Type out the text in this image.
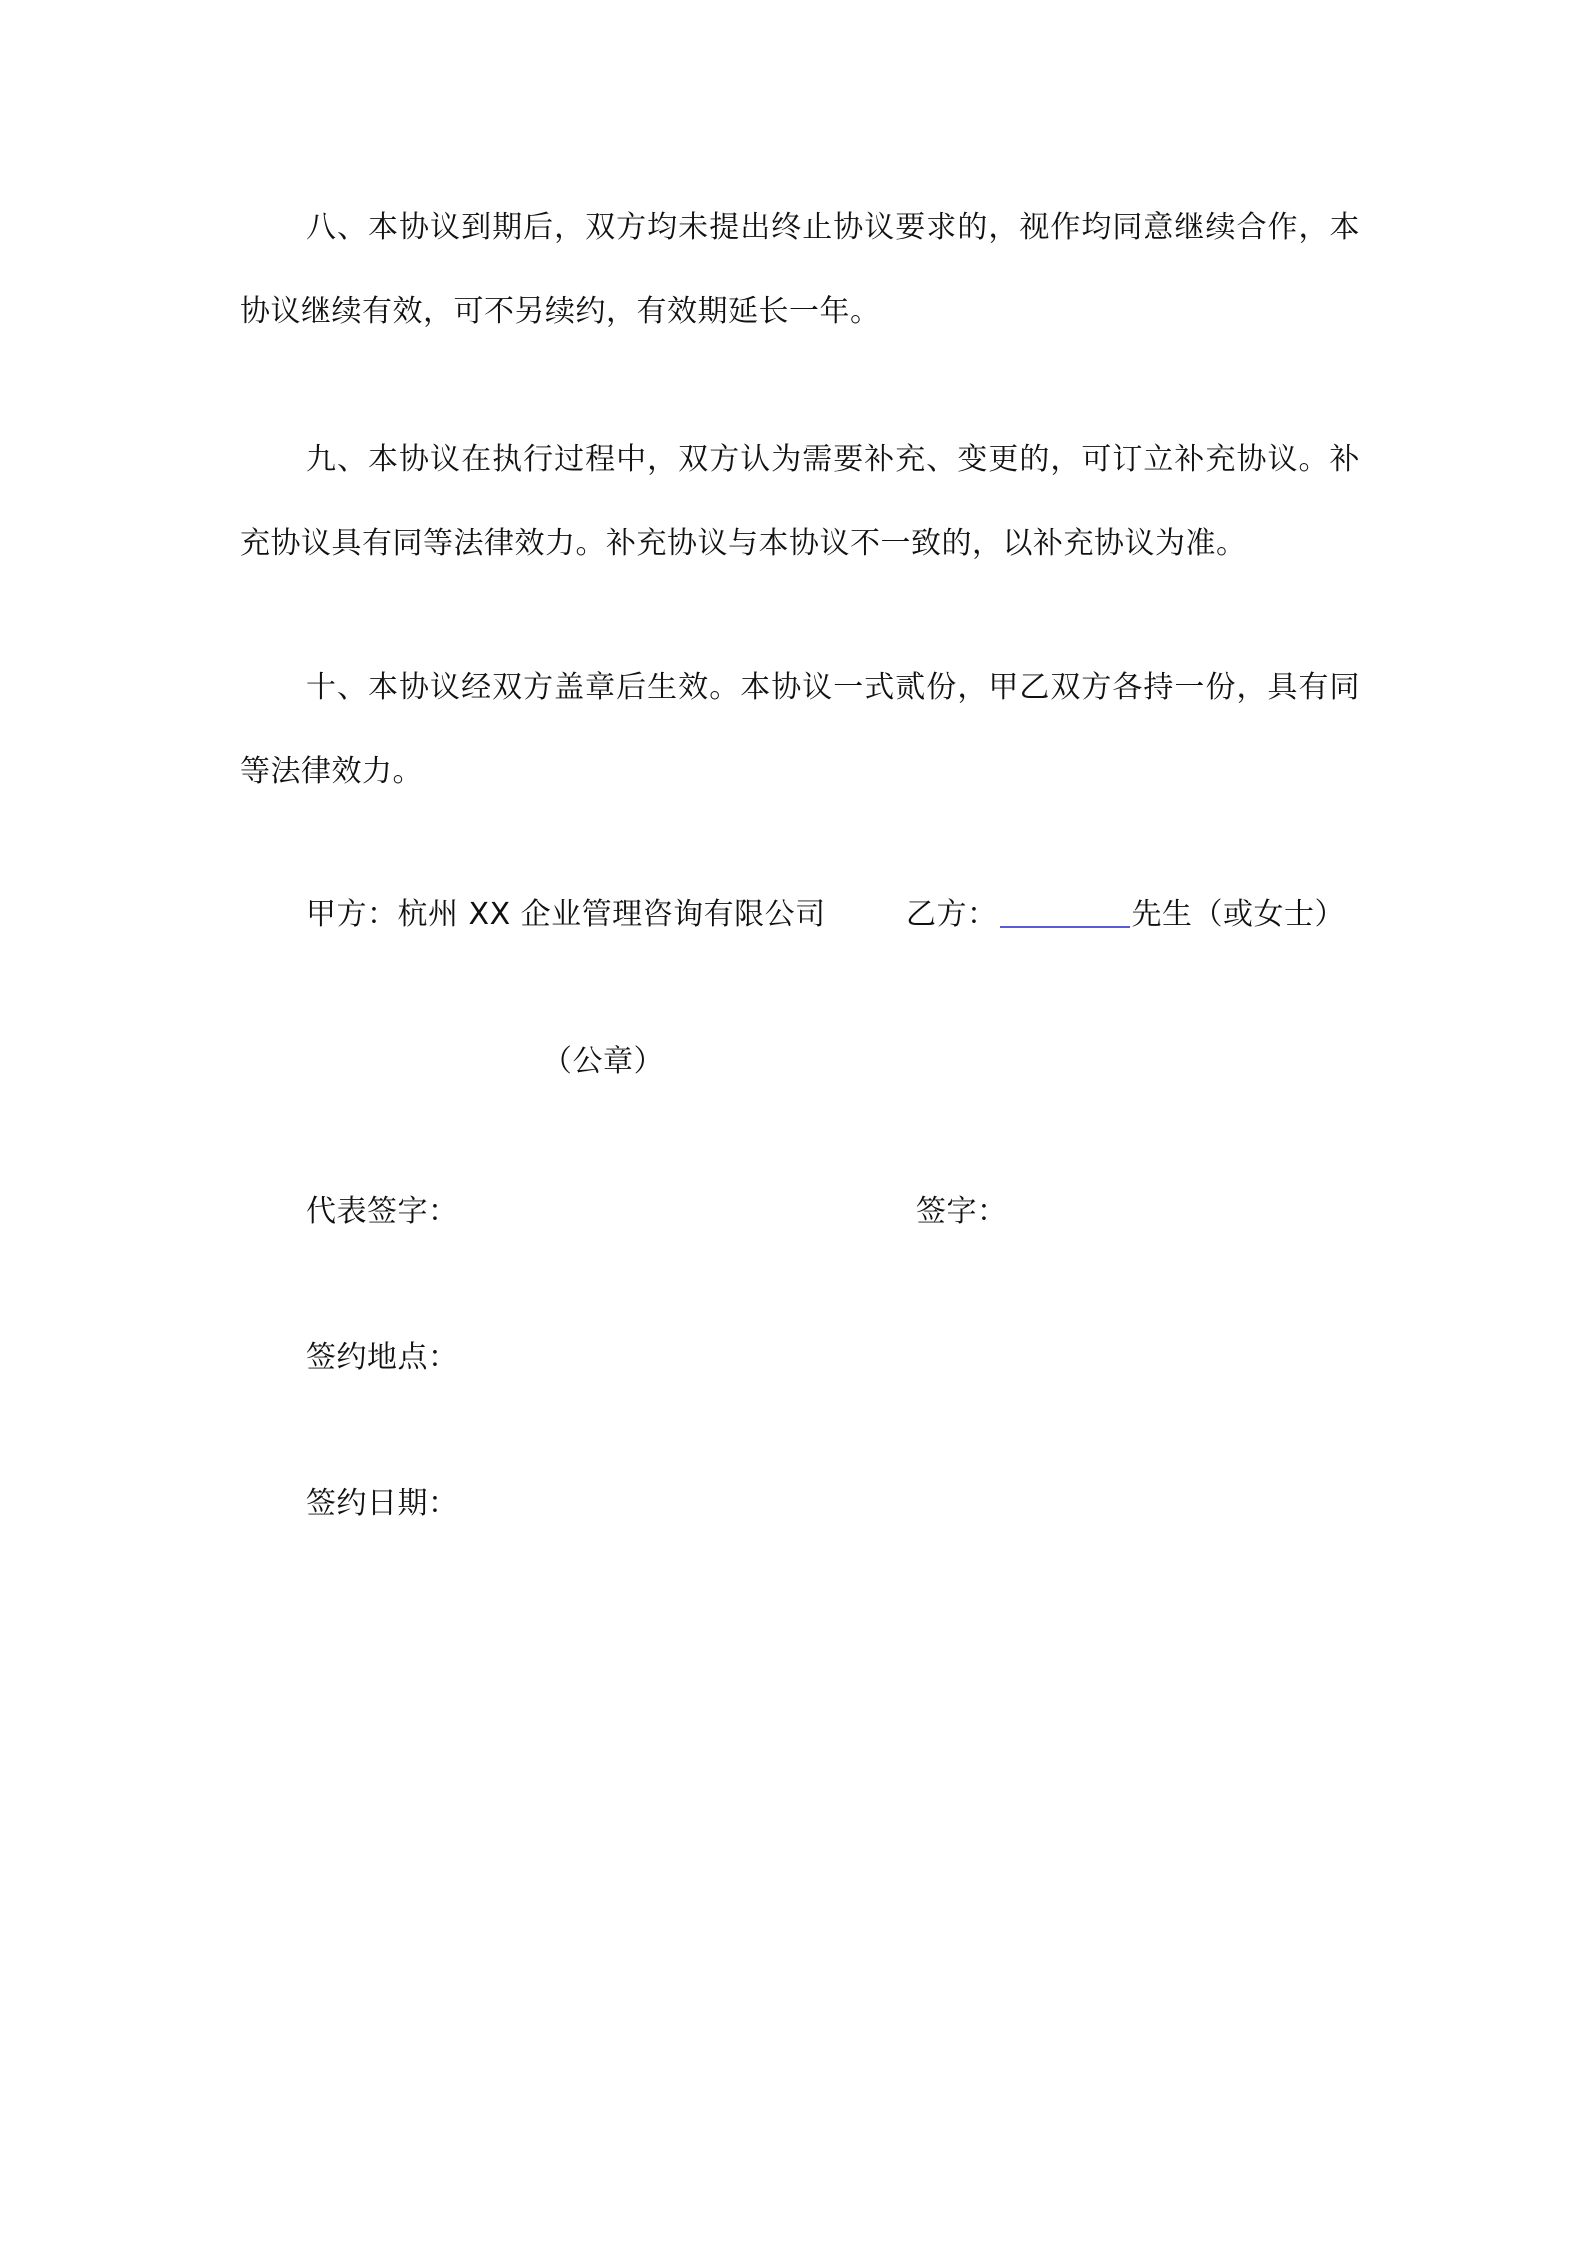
八、本协议到期后，双方均未提出终止协议要求的，视作均同意继续合作，本协议继续有效，可不另续约，有效期延长一年。
九、本协议在执行过程中，双方认为需要补充、变更的，可订立补充协议。补充协议具有同等法律效力。补充协议与本协议不一致的，以补充协议为准。
十、本协议经双方盖章后生效。本协议一式贰份，甲乙双方各持一份，具有同等法律效力。
甲方：杭州 XX 企业管理咨询有限公司	乙方：	先生（或女士）
（公章）
代表签字：	签字：
签约地点：
签约日期：
